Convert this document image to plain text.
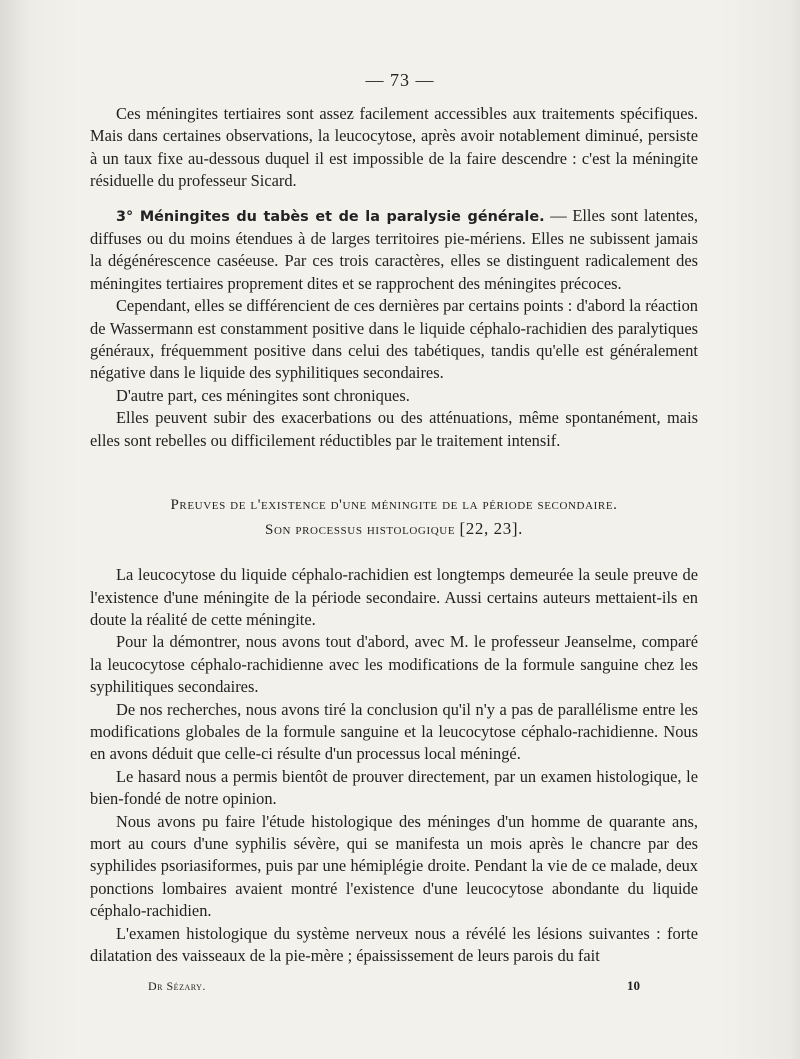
— 73 —

Ces méningites tertiaires sont assez facilement accessibles aux traitements spécifiques. Mais dans certaines observations, la leucocytose, après avoir notablement diminué, persiste à un taux fixe au-dessous duquel il est impossible de la faire descendre : c'est la méningite résiduelle du professeur Sicard.

3° Méningites du tabès et de la paralysie générale. — Elles sont latentes, diffuses ou du moins étendues à de larges territoires pie-mériens. Elles ne subissent jamais la dégénérescence caséeuse. Par ces trois caractères, elles se distinguent radicalement des méningites tertiaires proprement dites et se rapprochent des méningites précoces.

Cependant, elles se différencient de ces dernières par certains points : d'abord la réaction de Wassermann est constamment positive dans le liquide céphalo-rachidien des paralytiques généraux, fréquemment positive dans celui des tabétiques, tandis qu'elle est généralement négative dans le liquide des syphilitiques secondaires.

D'autre part, ces méningites sont chroniques.

Elles peuvent subir des exacerbations ou des atténuations, même spontanément, mais elles sont rebelles ou difficilement réductibles par le traitement intensif.

Preuves de l'existence d'une méningite de la période secondaire.
Son processus histologique [22, 23].

La leucocytose du liquide céphalo-rachidien est longtemps demeurée la seule preuve de l'existence d'une méningite de la période secondaire. Aussi certains auteurs mettaient-ils en doute la réalité de cette méningite.

Pour la démontrer, nous avons tout d'abord, avec M. le professeur Jeanselme, comparé la leucocytose céphalo-rachidienne avec les modifications de la formule sanguine chez les syphilitiques secondaires.

De nos recherches, nous avons tiré la conclusion qu'il n'y a pas de parallélisme entre les modifications globales de la formule sanguine et la leucocytose céphalo-rachidienne. Nous en avons déduit que celle-ci résulte d'un processus local méningé.

Le hasard nous a permis bientôt de prouver directement, par un examen histologique, le bien-fondé de notre opinion.

Nous avons pu faire l'étude histologique des méninges d'un homme de quarante ans, mort au cours d'une syphilis sévère, qui se manifesta un mois après le chancre par des syphilides psoriasiformes, puis par une hémiplégie droite. Pendant la vie de ce malade, deux ponctions lombaires avaient montré l'existence d'une leucocytose abondante du liquide céphalo-rachidien.

L'examen histologique du système nerveux nous a révélé les lésions suivantes : forte dilatation des vaisseaux de la pie-mère ; épaississement de leurs parois du fait

Dr Sézary.	10
